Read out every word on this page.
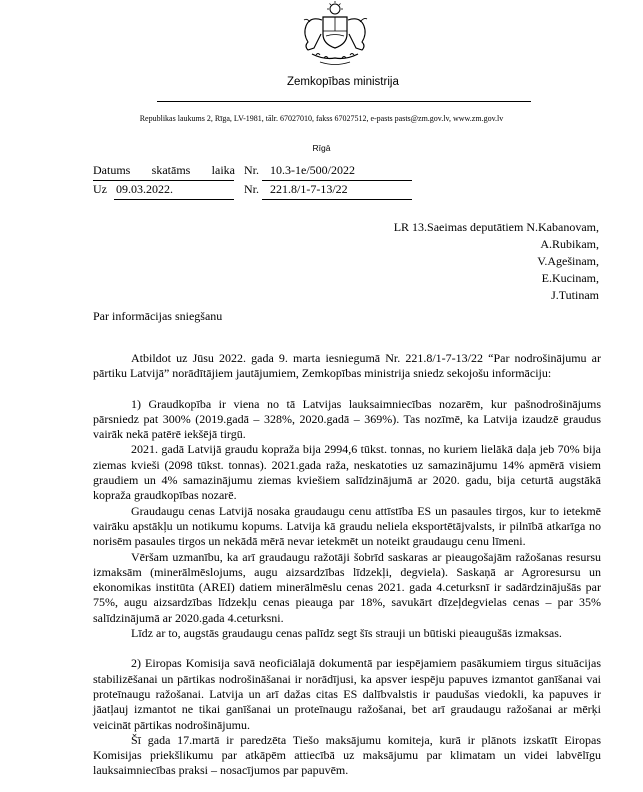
Zemkopības ministrija
Republikas laukums 2, Rīga, LV-1981, tālr. 67027010, fakss 67027512, e-pasts pasts@zm.gov.lv, www.zm.gov.lv
Rīgā
Datums skatāms laika Nr. 10.3-1e/500/2022
Uz 09.03.2022.	Nr. 221.8/1-7-13/22
LR 13.Saeimas deputātiem N.Kabanovam,
A.Rubikam,
V.Agešinam,
E.Kucinam,
J.Tutinam
Par informācijas sniegšanu

Atbildot uz Jūsu 2022. gada 9. marta iesniegumā Nr. 221.8/1-7-13/22 “Par nodrošinājumu ar pārtiku Latvijā” norādītājiem jautājumiem, Zemkopības ministrija sniedz sekojošu informāciju:

1) Graudkopība ir viena no tā Latvijas lauksaimniecības nozarēm, kur pašnodrošinājums pārsniedz pat 300% (2019.gadā – 328%, 2020.gadā – 369%). Tas nozīmē, ka Latvija izaudzē graudus vairāk nekā patērē iekšējā tirgū.

2021. gadā Latvijā graudu kopraža bija 2994,6 tūkst. tonnas, no kuriem lielākā daļa jeb 70% bija ziemas kvieši (2098 tūkst. tonnas). 2021.gada raža, neskatoties uz samazinājumu 14% apmērā visiem graudiem un 4% samazinājumu ziemas kviešiem salīdzinājumā ar 2020. gadu, bija ceturtā augstākā kopraža graudkopības nozarē.

Graudaugu cenas Latvijā nosaka graudaugu cenu attīstība ES un pasaules tirgos, kur to ietekmē vairāku apstākļu un notikumu kopums. Latvija kā graudu neliela eksportētājvalsts, ir pilnībā atkarīga no norisēm pasaules tirgos un nekādā mērā nevar ietekmēt un noteikt graudaugu cenu līmeni.

Vēršam uzmanību, ka arī graudaugu ražotāji šobrīd saskaras ar pieaugošajām ražošanas resursu izmaksām (minerālmēslojums, augu aizsardzības līdzekļi, degviela). Saskaņā ar Agroresursu un ekonomikas institūta (AREI) datiem minerālmēslu cenas 2021. gada 4.ceturksnī ir sadārdzinājušās par 75%, augu aizsardzības līdzekļu cenas pieauga par 18%, savukārt dīzeļdegvielas cenas – par 35% salīdzinājumā ar 2020.gada 4.ceturksni.

Līdz ar to, augstās graudaugu cenas palīdz segt šīs strauji un būtiski pieaugušās izmaksas.

2) Eiropas Komisija savā neoficiālajā dokumentā par iespējamiem pasākumiem tirgus situācijas stabilizēšanai un pārtikas nodrošināšanai ir norādījusi, ka apsver iespēju papuves izmantot ganīšanai vai proteīnaugu ražošanai. Latvija un arī dažas citas ES dalībvalstis ir paudušas viedokli, ka papuves ir jāatļauj izmantot ne tikai ganīšanai un proteīnaugu ražošanai, bet arī graudaugu ražošanai ar mērķi veicināt pārtikas nodrošinājumu.

Šī gada 17.martā ir paredzēta Tiešo maksājumu komiteja, kurā ir plānots izskatīt Eiropas Komisijas priekšlikumu par atkāpēm attiecībā uz maksājumu par klimatam un videi labvēlīgu lauksaimniecības praksi – nosacījumos par papuvēm.
